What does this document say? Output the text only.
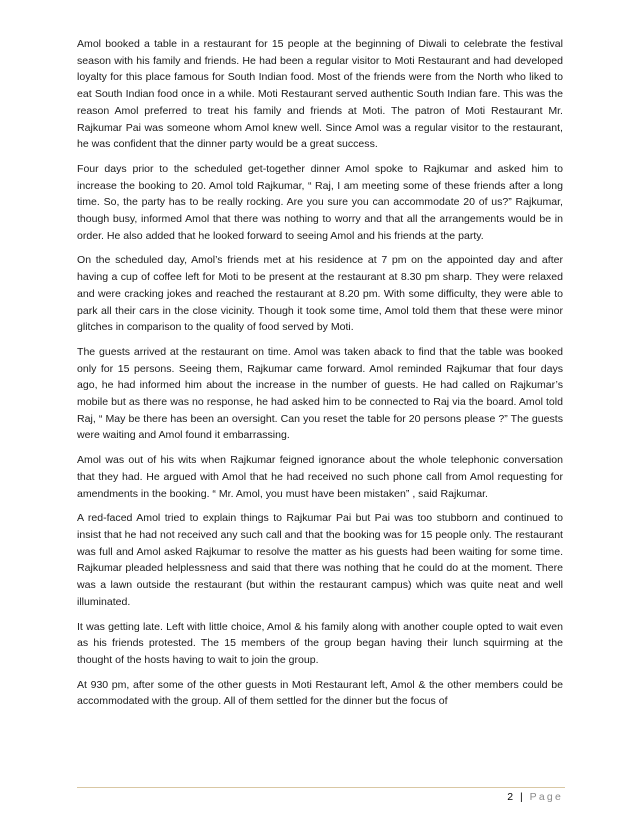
Amol booked a table in a restaurant for 15 people at the beginning of Diwali to celebrate the festival season with his family and friends. He had been a regular visitor to Moti Restaurant and had developed loyalty for this place famous for South Indian food. Most of the friends were from the North who liked to eat South Indian food once in a while. Moti Restaurant served authentic South Indian fare. This was the reason Amol preferred to treat his family and friends at Moti. The patron of Moti Restaurant Mr. Rajkumar Pai was someone whom Amol knew well. Since Amol was a regular visitor to the restaurant, he was confident that the dinner party would be a great success.

Four days prior to the scheduled get-together dinner Amol spoke to Rajkumar and asked him to increase the booking to 20. Amol told Rajkumar, “ Raj, I am meeting some of these friends after a long time. So, the party has to be really rocking. Are you sure you can accommodate 20 of us?” Rajkumar, though busy, informed Amol that there was nothing to worry and that all the arrangements would be in order. He also added that he looked forward to seeing Amol and his friends at the party.

On the scheduled day, Amol’s friends met at his residence at 7 pm on the appointed day and after having a cup of coffee left for Moti to be present at the restaurant at 8.30 pm sharp. They were relaxed and were cracking jokes and reached the restaurant at 8.20 pm. With some difficulty, they were able to park all their cars in the close vicinity. Though it took some time, Amol told them that these were minor glitches in comparison to the quality of food served by Moti.

The guests arrived at the restaurant on time. Amol was taken aback to find that the table was booked only for 15 persons. Seeing them, Rajkumar came forward. Amol reminded Rajkumar that four days ago, he had informed him about the increase in the number of guests. He had called on Rajkumar’s mobile but as there was no response, he had asked him to be connected to Raj via the board. Amol told Raj, “ May be there has been an oversight. Can you reset the table for 20 persons please ?” The guests were waiting and Amol found it embarrassing.

Amol was out of his wits when Rajkumar feigned ignorance about the whole telephonic conversation that they had. He argued with Amol that he had received no such phone call from Amol requesting for amendments in the booking. “ Mr. Amol, you must have been mistaken” , said Rajkumar.

A red-faced Amol tried to explain things to Rajkumar Pai but Pai was too stubborn and continued to insist that he had not received any such call and that the booking was for 15 people only. The restaurant was full and Amol asked Rajkumar to resolve the matter as his guests had been waiting for some time. Rajkumar pleaded helplessness and said that there was nothing that he could do at the moment. There was a lawn outside the restaurant (but within the restaurant campus) which was quite neat and well illuminated.

It was getting late. Left with little choice, Amol & his family along with another couple opted to wait even as his friends protested. The 15 members of the group began having their lunch squirming at the thought of the hosts having to wait to join the group.

At 930 pm, after some of the other guests in Moti Restaurant left, Amol & the other members could be accommodated with the group. All of them settled for the dinner but the focus of

2 | Page
